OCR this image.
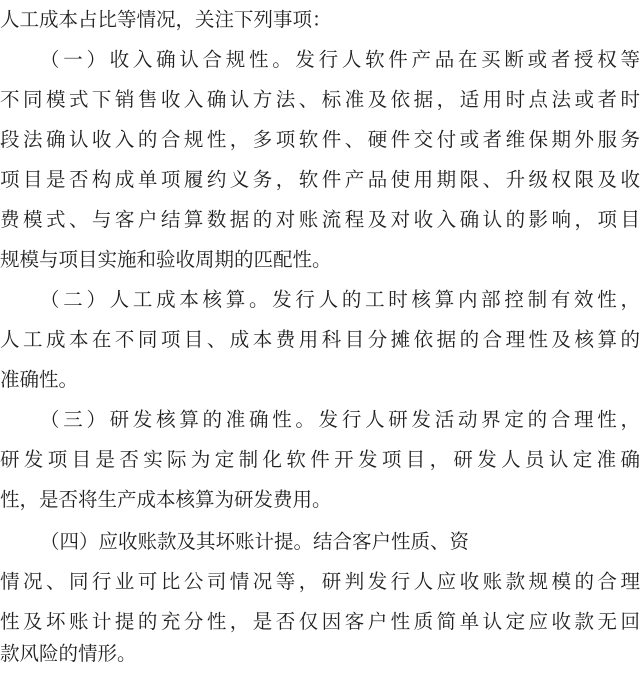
人工成本占比等情况，关注下列事项：
（一）收入确认合规性。发行人软件产品在买断或者授权等
不同模式下销售收入确认方法、标准及依据，适用时点法或者时
段法确认收入的合规性，多项软件、硬件交付或者维保期外服务
项目是否构成单项履约义务，软件产品使用期限、升级权限及收
费模式、与客户结算数据的对账流程及对收入确认的影响，项目
规模与项目实施和验收周期的匹配性。
（二）人工成本核算。发行人的工时核算内部控制有效性，
人工成本在不同项目、成本费用科目分摊依据的合理性及核算的
准确性。
（三）研发核算的准确性。发行人研发活动界定的合理性，
研发项目是否实际为定制化软件开发项目，研发人员认定准确
性，是否将生产成本核算为研发费用。
（四）应收账款及其坏账计提。结合客户性质、资
情况、同行业可比公司情况等，研判发行人应收账款规模的合理
性及坏账计提的充分性，是否仅因客户性质简单认定应收款无回
款风险的情形。
